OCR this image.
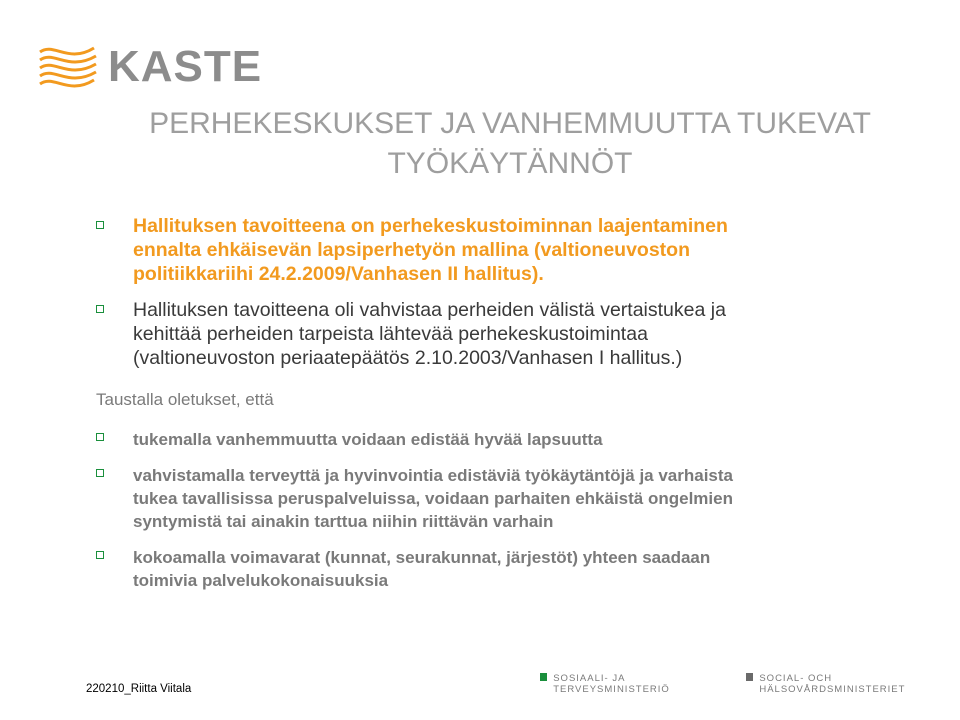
KASTE
PERHEKESKUKSET JA VANHEMMUUTTA TUKEVAT
TYÖKÄYTÄNNÖT
Hallituksen tavoitteena on perhekeskustoiminnan laajentaminen
ennalta ehkäisevän lapsiperhetyön mallina (valtioneuvoston
politiikkariihi 24.2.2009/Vanhasen II hallitus).
Hallituksen tavoitteena oli vahvistaa perheiden välistä vertaistukea ja
kehittää perheiden tarpeista lähtevää perhekeskustoimintaa
(valtioneuvoston periaatepäätös 2.10.2003/Vanhasen I hallitus.)
Taustalla oletukset, että
tukemalla vanhemmuutta voidaan edistää hyvää lapsuutta
vahvistamalla terveyttä ja hyvinvointia edistäviä työkäytäntöjä ja varhaista
tukea tavallisissa peruspalveluissa, voidaan parhaiten ehkäistä ongelmien
syntymistä tai ainakin tarttua niihin riittävän varhain
kokoamalla voimavarat (kunnat, seurakunnat, järjestöt) yhteen saadaan
toimivia palvelukokonaisuuksia
220210_Riitta Viitala
SOSIAALI- JA TERVEYSMINISTERIÖ
SOCIAL- OCH HÄLSOVÅRDSMINISTERIET
